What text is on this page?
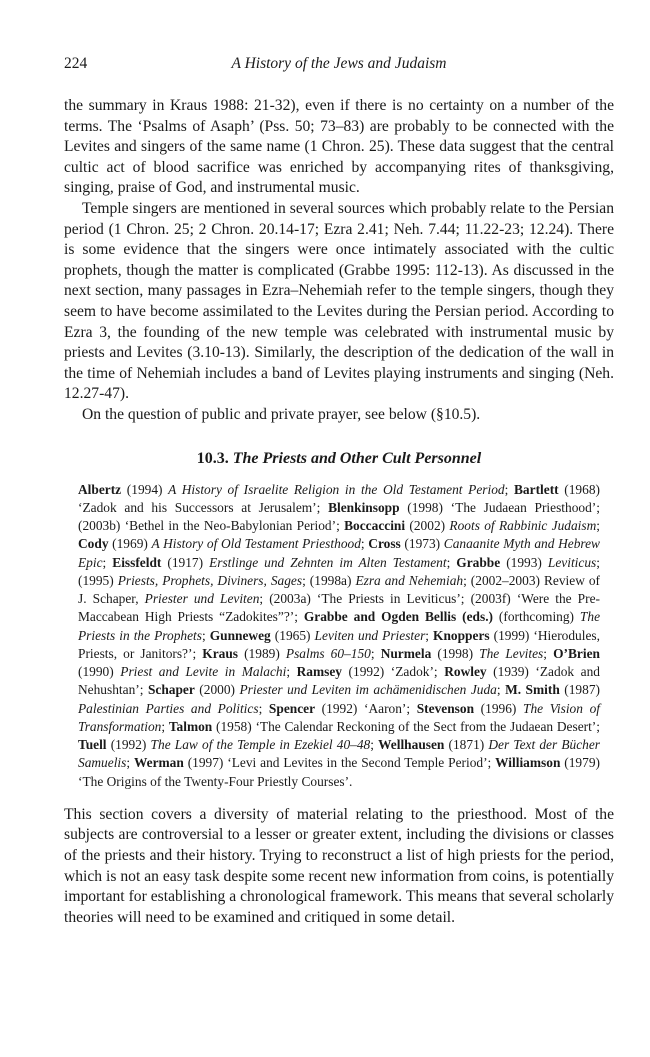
224	A History of the Jews and Judaism

the summary in Kraus 1988: 21-32), even if there is no certainty on a number of the terms. The ‘Psalms of Asaph’ (Pss. 50; 73–83) are probably to be connected with the Levites and singers of the same name (1 Chron. 25). These data suggest that the central cultic act of blood sacrifice was enriched by accompanying rites of thanksgiving, singing, praise of God, and instrumental music.

Temple singers are mentioned in several sources which probably relate to the Persian period (1 Chron. 25; 2 Chron. 20.14-17; Ezra 2.41; Neh. 7.44; 11.22-23; 12.24). There is some evidence that the singers were once intimately associated with the cultic prophets, though the matter is complicated (Grabbe 1995: 112-13). As discussed in the next section, many passages in Ezra–Nehemiah refer to the temple singers, though they seem to have become assimilated to the Levites during the Persian period. According to Ezra 3, the founding of the new temple was celebrated with instrumental music by priests and Levites (3.10-13). Similarly, the description of the dedication of the wall in the time of Nehemiah includes a band of Levites playing instruments and singing (Neh. 12.27-47).

On the question of public and private prayer, see below (§10.5).

10.3. The Priests and Other Cult Personnel
Albertz (1994) A History of Israelite Religion in the Old Testament Period; Bartlett (1968) ‘Zadok and his Successors at Jerusalem’; Blenkinsopp (1998) ‘The Judaean Priesthood’; (2003b) ‘Bethel in the Neo-Babylonian Period’; Boccaccini (2002) Roots of Rabbinic Judaism; Cody (1969) A History of Old Testament Priesthood; Cross (1973) Canaanite Myth and Hebrew Epic; Eissfeldt (1917) Erstlinge und Zehnten im Alten Testament; Grabbe (1993) Leviticus; (1995) Priests, Prophets, Diviners, Sages; (1998a) Ezra and Nehemiah; (2002–2003) Review of J. Schaper, Priester und Leviten; (2003a) ‘The Priests in Leviticus’; (2003f) ‘Were the Pre-Maccabean High Priests “Zadokites”?’; Grabbe and Ogden Bellis (eds.) (forthcoming) The Priests in the Prophets; Gunneweg (1965) Leviten und Priester; Knoppers (1999) ‘Hierodules, Priests, or Janitors?’; Kraus (1989) Psalms 60–150; Nurmela (1998) The Levites; O’Brien (1990) Priest and Levite in Malachi; Ramsey (1992) ‘Zadok’; Rowley (1939) ‘Zadok and Nehushtan’; Schaper (2000) Priester und Leviten im achämenidischen Juda; M. Smith (1987) Palestinian Parties and Politics; Spencer (1992) ‘Aaron’; Stevenson (1996) The Vision of Transformation; Talmon (1958) ‘The Calendar Reckoning of the Sect from the Judaean Desert’; Tuell (1992) The Law of the Temple in Ezekiel 40–48; Wellhausen (1871) Der Text der Bücher Samuelis; Werman (1997) ‘Levi and Levites in the Second Temple Period’; Williamson (1979) ‘The Origins of the Twenty-Four Priestly Courses’.

This section covers a diversity of material relating to the priesthood. Most of the subjects are controversial to a lesser or greater extent, including the divisions or classes of the priests and their history. Trying to reconstruct a list of high priests for the period, which is not an easy task despite some recent new information from coins, is potentially important for establishing a chronological framework. This means that several scholarly theories will need to be examined and critiqued in some detail.
